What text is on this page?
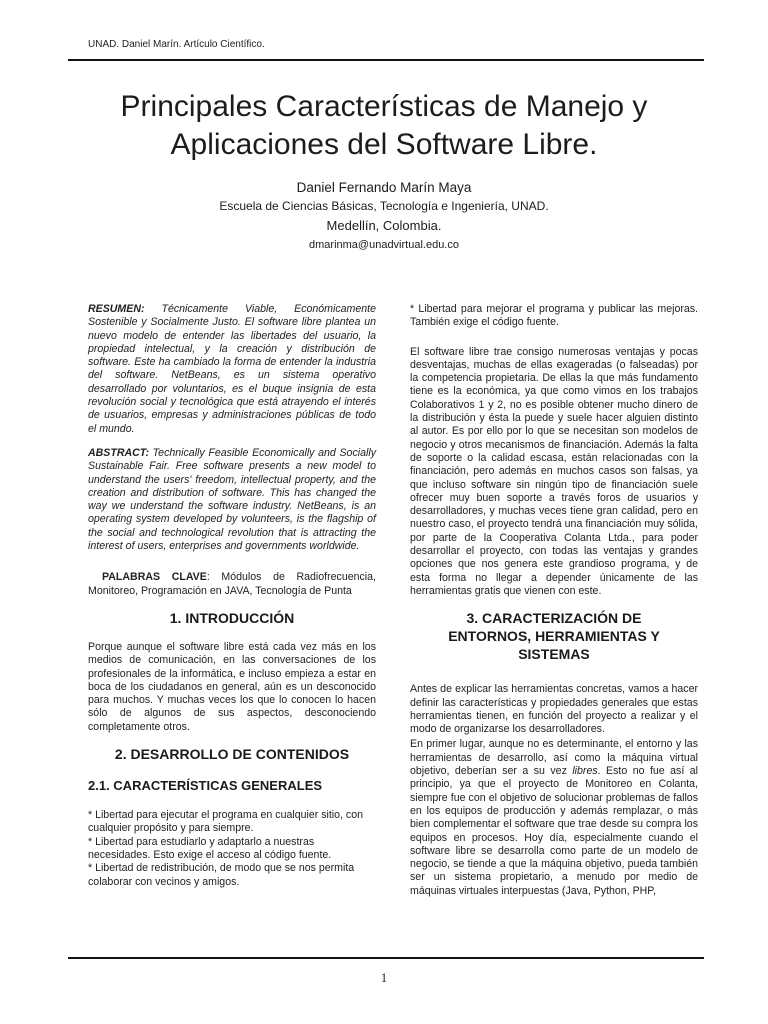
UNAD. Daniel Marín. Artículo Científico.
Principales Características de Manejo y
Aplicaciones del Software Libre.
Daniel Fernando Marín Maya
Escuela de Ciencias Básicas, Tecnología e Ingeniería, UNAD.
Medellín, Colombia.
dmarinma@unadvirtual.edu.co

RESUMEN: Técnicamente Viable, Económicamente Sostenible y Socialmente Justo. El software libre plantea un nuevo modelo de entender las libertades del usuario, la propiedad intelectual, y la creación y distribución de software. Este ha cambiado la forma de entender la industria del software. NetBeans, es un sistema operativo desarrollado por voluntarios, es el buque insignia de esta revolución social y tecnológica que está atrayendo el interés de usuarios, empresas y administraciones públicas de todo el mundo.

ABSTRACT: Technically Feasible Economically and Socially Sustainable Fair. Free software presents a new model to understand the users' freedom, intellectual property, and the creation and distribution of software. This has changed the way we understand the software industry. NetBeans, is an operating system developed by volunteers, is the flagship of the social and technological revolution that is attracting the interest of users, enterprises and governments worldwide.

PALABRAS CLAVE: Módulos de Radiofrecuencia, Monitoreo, Programación en JAVA, Tecnología de Punta

1. INTRODUCCIÓN

Porque aunque el software libre está cada vez más en los medios de comunicación, en las conversaciones de los profesionales de la informática, e incluso empieza a estar en boca de los ciudadanos en general, aún es un desconocido para muchos. Y muchas veces los que lo conocen lo hacen sólo de algunos de sus aspectos, desconociendo completamente otros.

2. DESARROLLO DE CONTENIDOS
2.1. CARACTERÍSTICAS GENERALES

* Libertad para ejecutar el programa en cualquier sitio, con cualquier propósito y para siempre.

* Libertad para estudiarlo y adaptarlo a nuestras necesidades. Esto exige el acceso al código fuente.

* Libertad de redistribución, de modo que se nos permita colaborar con vecinos y amigos.

* Libertad para mejorar el programa y publicar las mejoras. También exige el código fuente.

El software libre trae consigo numerosas ventajas y pocas desventajas, muchas de ellas exageradas (o falseadas) por la competencia propietaria. De ellas la que más fundamento tiene es la económica, ya que como vimos en los trabajos Colaborativos 1 y 2, no es posible obtener mucho dinero de la distribución y ésta la puede y suele hacer alguien distinto al autor. Es por ello por lo que se necesitan son modelos de negocio y otros mecanismos de financiación. Además la falta de soporte o la calidad escasa, están relacionadas con la financiación, pero además en muchos casos son falsas, ya que incluso software sin ningún tipo de financiación suele ofrecer muy buen soporte a través foros de usuarios y desarrolladores, y muchas veces tiene gran calidad, pero en nuestro caso, el proyecto tendrá una financiación muy sólida, por parte de la Cooperativa Colanta Ltda., para poder desarrollar el proyecto, con todas las ventajas y grandes opciones que nos genera este grandioso programa, y de esta forma no llegar a depender únicamente de las herramientas gratis que vienen con este.

3. CARACTERIZACIÓN DE
ENTORNOS, HERRAMIENTAS Y
SISTEMAS

Antes de explicar las herramientas concretas, vamos a hacer definir las características y propiedades generales que estas herramientas tienen, en función del proyecto a realizar y el modo de organizarse los desarrolladores.

En primer lugar, aunque no es determinante, el entorno y las herramientas de desarrollo, así como la máquina virtual objetivo, deberían ser a su vez libres. Esto no fue así al principio, ya que el proyecto de Monitoreo en Colanta, siempre fue con el objetivo de solucionar problemas de fallos en los equipos de producción y además remplazar, o más bien complementar el software que trae desde su compra los equipos en procesos. Hoy día, especialmente cuando el software libre se desarrolla como parte de un modelo de negocio, se tiende a que la máquina objetivo, pueda también ser un sistema propietario, a menudo por medio de máquinas virtuales interpuestas (Java, Python, PHP,

1
